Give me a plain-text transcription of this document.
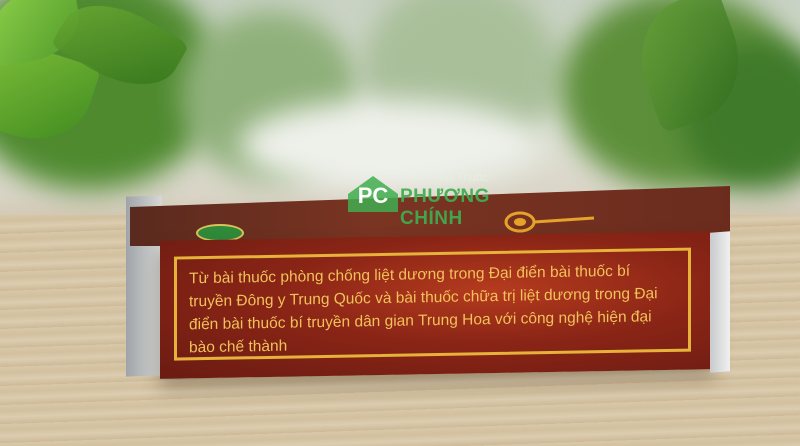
Từ bài thuốc phòng chống liệt dương trong Đại điển bài thuốc bí truyền Đông y Trung Quốc và bài thuốc chữa trị liệt dương trong Đại điển bài thuốc bí truyền dân gian Trung Hoa với công nghệ hiện đại bào chế thành

PC
Nhà Thuốc
PHƯƠNG CHÍNH
